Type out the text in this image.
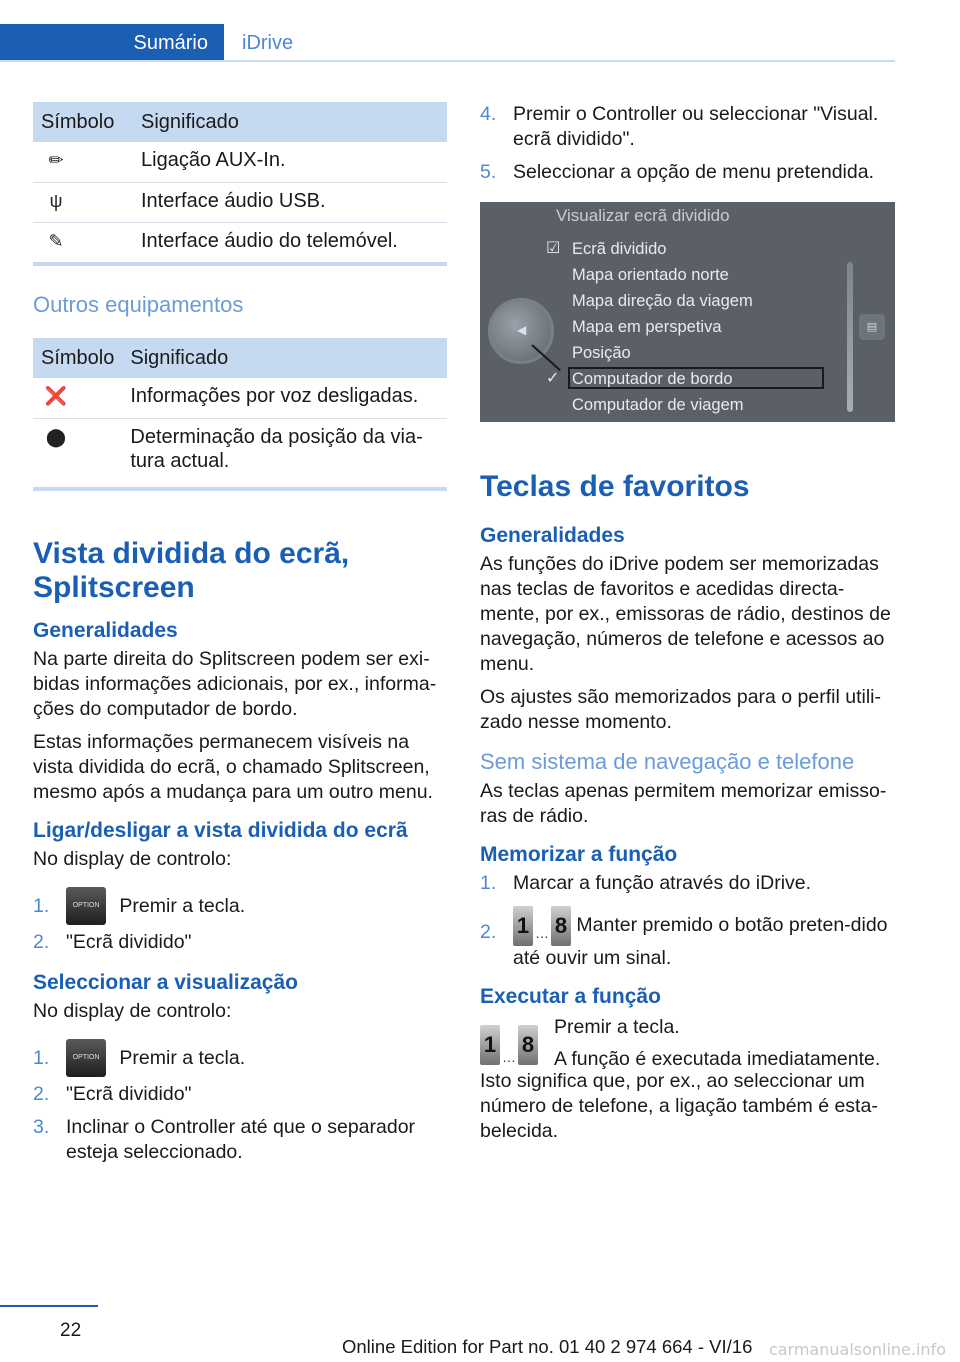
Sumário	iDrive
Símbolo	Significado
✏	Ligação AUX-In.
ψ	Interface áudio USB.
✎	Interface áudio do telemóvel.
Outros equipamentos
Símbolo	Significado
❌	Informações por voz desligadas.
⬤	Determinação da posição da via-tura actual.
Vista dividida do ecrã, Splitscreen
Generalidades

Na parte direita do Splitscreen podem ser exi-bidas informações adicionais, por ex., informa-ções do computador de bordo.

Estas informações permanecem visíveis na vista dividida do ecrã, o chamado Splitscreen, mesmo após a mudança para um outro menu.

Ligar/desligar a vista dividida do ecrã

No display de controlo:

1.	OPTION Premir a tecla.
2. "Ecrã dividido"
Seleccionar a visualização

No display de controlo:

1.	OPTION Premir a tecla.
2. "Ecrã dividido"
3. Inclinar o Controller até que o separador esteja seleccionado.
4. Premir o Controller ou seleccionar "Visual. ecrã dividido".
5. Seleccionar a opção de menu pretendida.
Visualizar ecrã dividido
◀
☑ Ecrã dividido
Mapa orientado norte
Mapa direção da viagem
Mapa em perspetiva
Posição
✓ Computador de bordo
Computador de viagem
▤
Teclas de favoritos
Generalidades

As funções do iDrive podem ser memorizadas nas teclas de favoritos e acedidas directa-mente, por ex., emissoras de rádio, destinos de navegação, números de telefone e acessos ao menu.

Os ajustes são memorizados para o perfil utili-zado nesse momento.

Sem sistema de navegação e telefone

As teclas apenas permitem memorizar emisso-ras de rádio.

Memorizar a função
1. Marcar a função através do iDrive.
2. 1 … 8 Manter premido o botão preten-dido até ouvir um sinal.
Executar a função
1 … 8

Premir a tecla.

A função é executada imediatamente.

Isto significa que, por ex., ao seleccionar um número de telefone, a ligação também é esta-belecida.

22
Online Edition for Part no. 01 40 2 974 664 - VI/16 carmanualsonline.info
